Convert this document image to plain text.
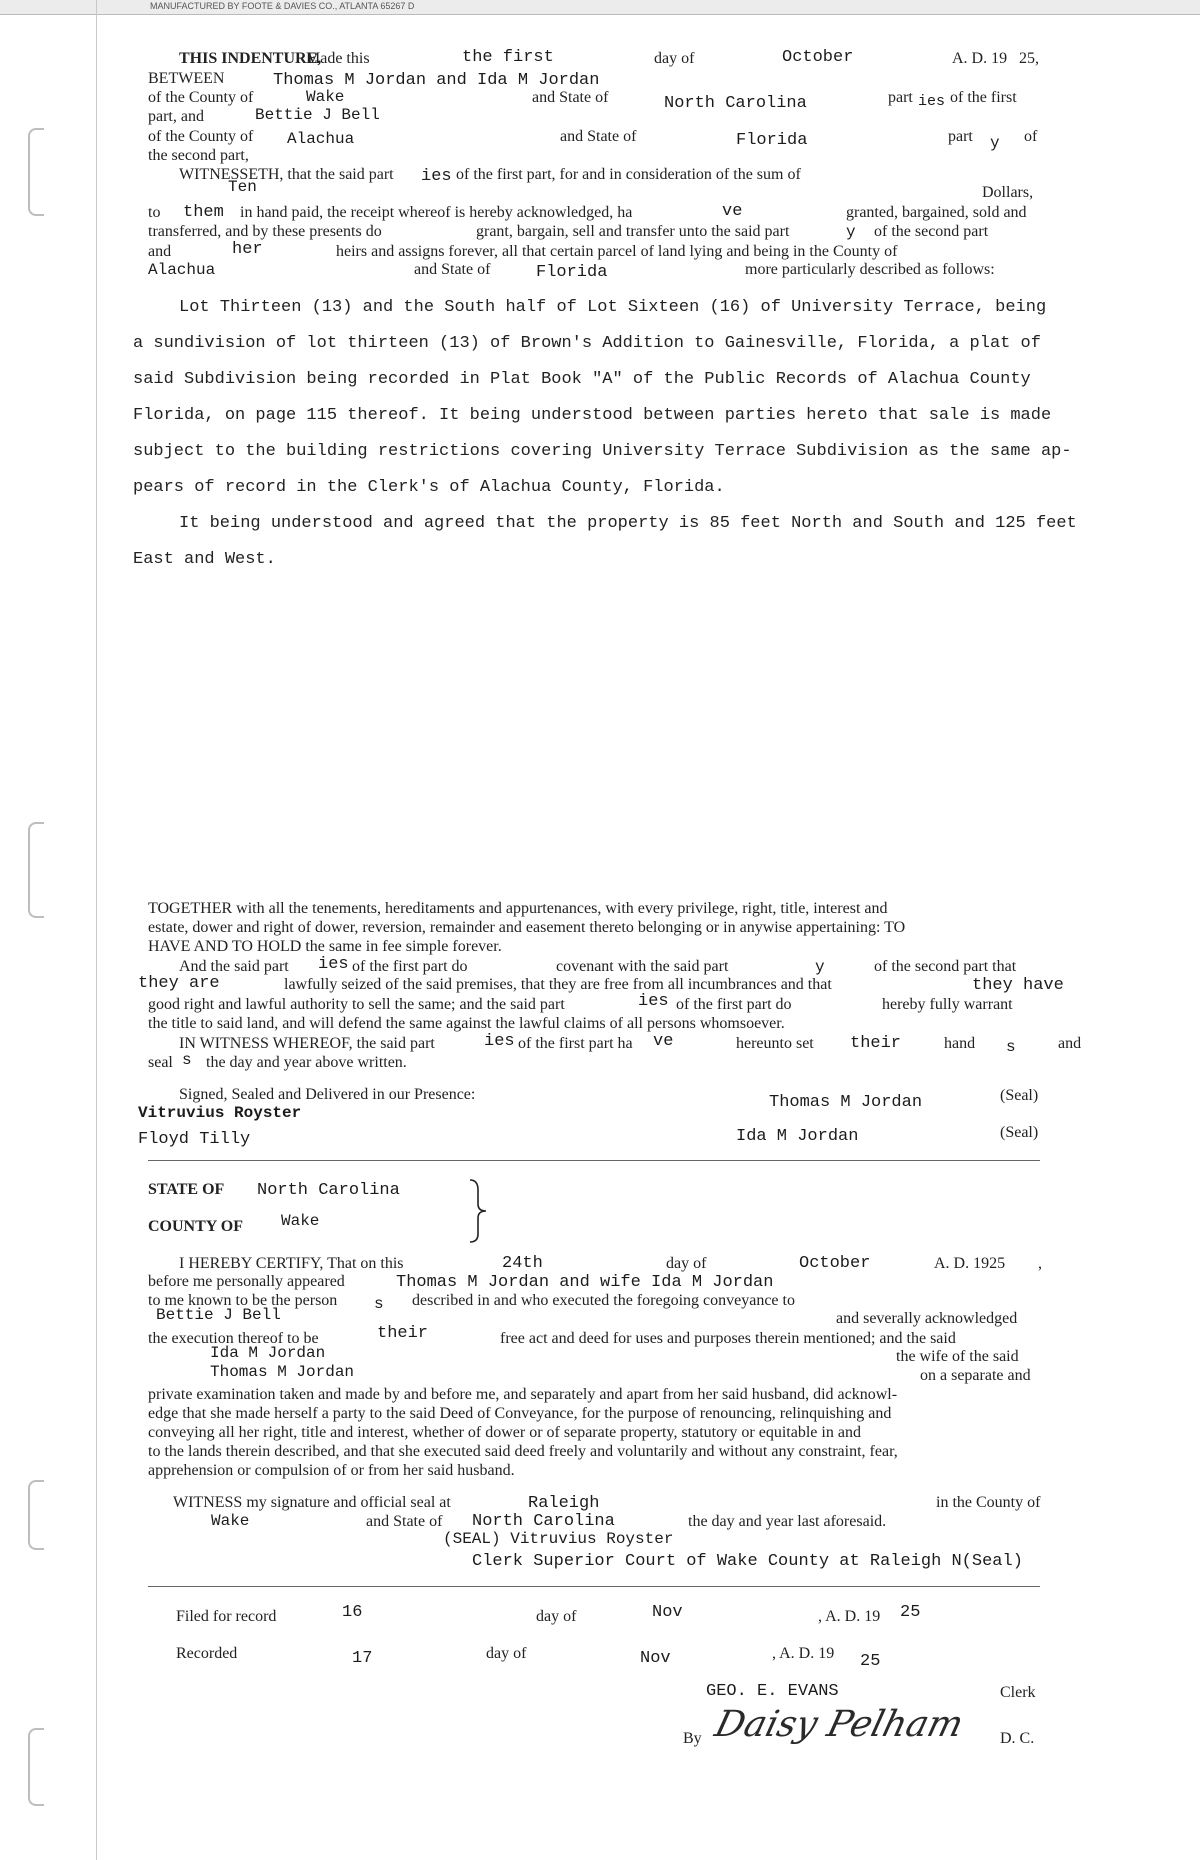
MANUFACTURED BY FOOTE & DAVIES CO., ATLANTA 65267 D
THIS INDENTURE,
Made this	the first	day of	October	A. D. 19 25,
BETWEEN	Thomas M Jordan and Ida M Jordan
of the County of	Wake	and State of	North Carolina	part ies of the first
part, and	Bettie J Bell
of the County of Alachua	and State of	Florida	part y of
the second part,
WITNESSETH, that the said part ies of the first part, for and in consideration of the sum of
Ten	Dollars,
to them in hand paid, the receipt whereof is hereby acknowledged, ha	ve	granted, bargained, sold and
transferred, and by these presents do	grant, bargain, sell and transfer unto the said part	y of the second part
and	her	heirs and assigns forever, all that certain parcel of land lying and being in the County of
Alachua	and State of	Florida	more particularly described as follows:

Lot Thirteen (13) and the South half of Lot Sixteen (16) of University Terrace, being

a sundivision of lot thirteen (13) of Brown's Addition to Gainesville, Florida, a plat of

said Subdivision being recorded in Plat Book "A" of the Public Records of Alachua County

Florida, on page 115 thereof. It being understood between parties hereto that sale is made

subject to the building restrictions covering University Terrace Subdivision as the same ap-

pears of record in the Clerk's of Alachua County, Florida.

It being understood and agreed that the property is 85 feet North and South and 125 feet

East and West.

TOGETHER with all the tenements, hereditaments and appurtenances, with every privilege, right, title, interest and
estate, dower and right of dower, reversion, remainder and easement thereto belonging or in anywise appertaining: TO
HAVE AND TO HOLD the same in fee simple forever.
And the said part ies of the first part do	covenant with the said part	y	of the second part that
they are	lawfully seized of the said premises, that they are free from all incumbrances and that	they have
good right and lawful authority to sell the same; and the said part	ies of the first part do	hereby fully warrant
the title to said land, and will defend the same against the lawful claims of all persons whomsoever.
IN WITNESS WHEREOF, the said part	ies of the first part ha ve	hereunto set their	hand s	and
seal s the day and year above written.
Signed, Sealed and Delivered in our Presence:
Vitruvius Royster
Floyd Tilly
Thomas M Jordan	(Seal)
Ida M Jordan	(Seal)
STATE OF North Carolina
COUNTY OF Wake
I HEREBY CERTIFY, That on this	24th	day of	October	A. D. 1925 ,
before me personally appeared	Thomas M Jordan and wife Ida M Jordan
to me known to be the person s described in and who executed the foregoing conveyance to
Bettie J Bell	and severally acknowledged
the execution thereof to be	their	free act and deed for uses and purposes therein mentioned; and the said
Ida M Jordan	the wife of the said
Thomas M Jordan	on a separate and
private examination taken and made by and before me, and separately and apart from her said husband, did acknowl-
edge that she made herself a party to the said Deed of Conveyance, for the purpose of renouncing, relinquishing and
conveying all her right, title and interest, whether of dower or of separate property, statutory or equitable in and
to the lands therein described, and that she executed said deed freely and voluntarily and without any constraint, fear,
apprehension or compulsion of or from her said husband.
WITNESS my signature and official seal at	Raleigh	in the County of
Wake	and State of North Carolina	the day and year last aforesaid.
(SEAL) Vitruvius Royster
Clerk Superior Court of Wake County at Raleigh N(Seal)
Filed for record	16	day of	Nov	, A. D. 19 25
Recorded	17	day of	Nov	, A. D. 19 25
GEO. E. EVANS	Clerk
By Daisy Pelham D. C.
